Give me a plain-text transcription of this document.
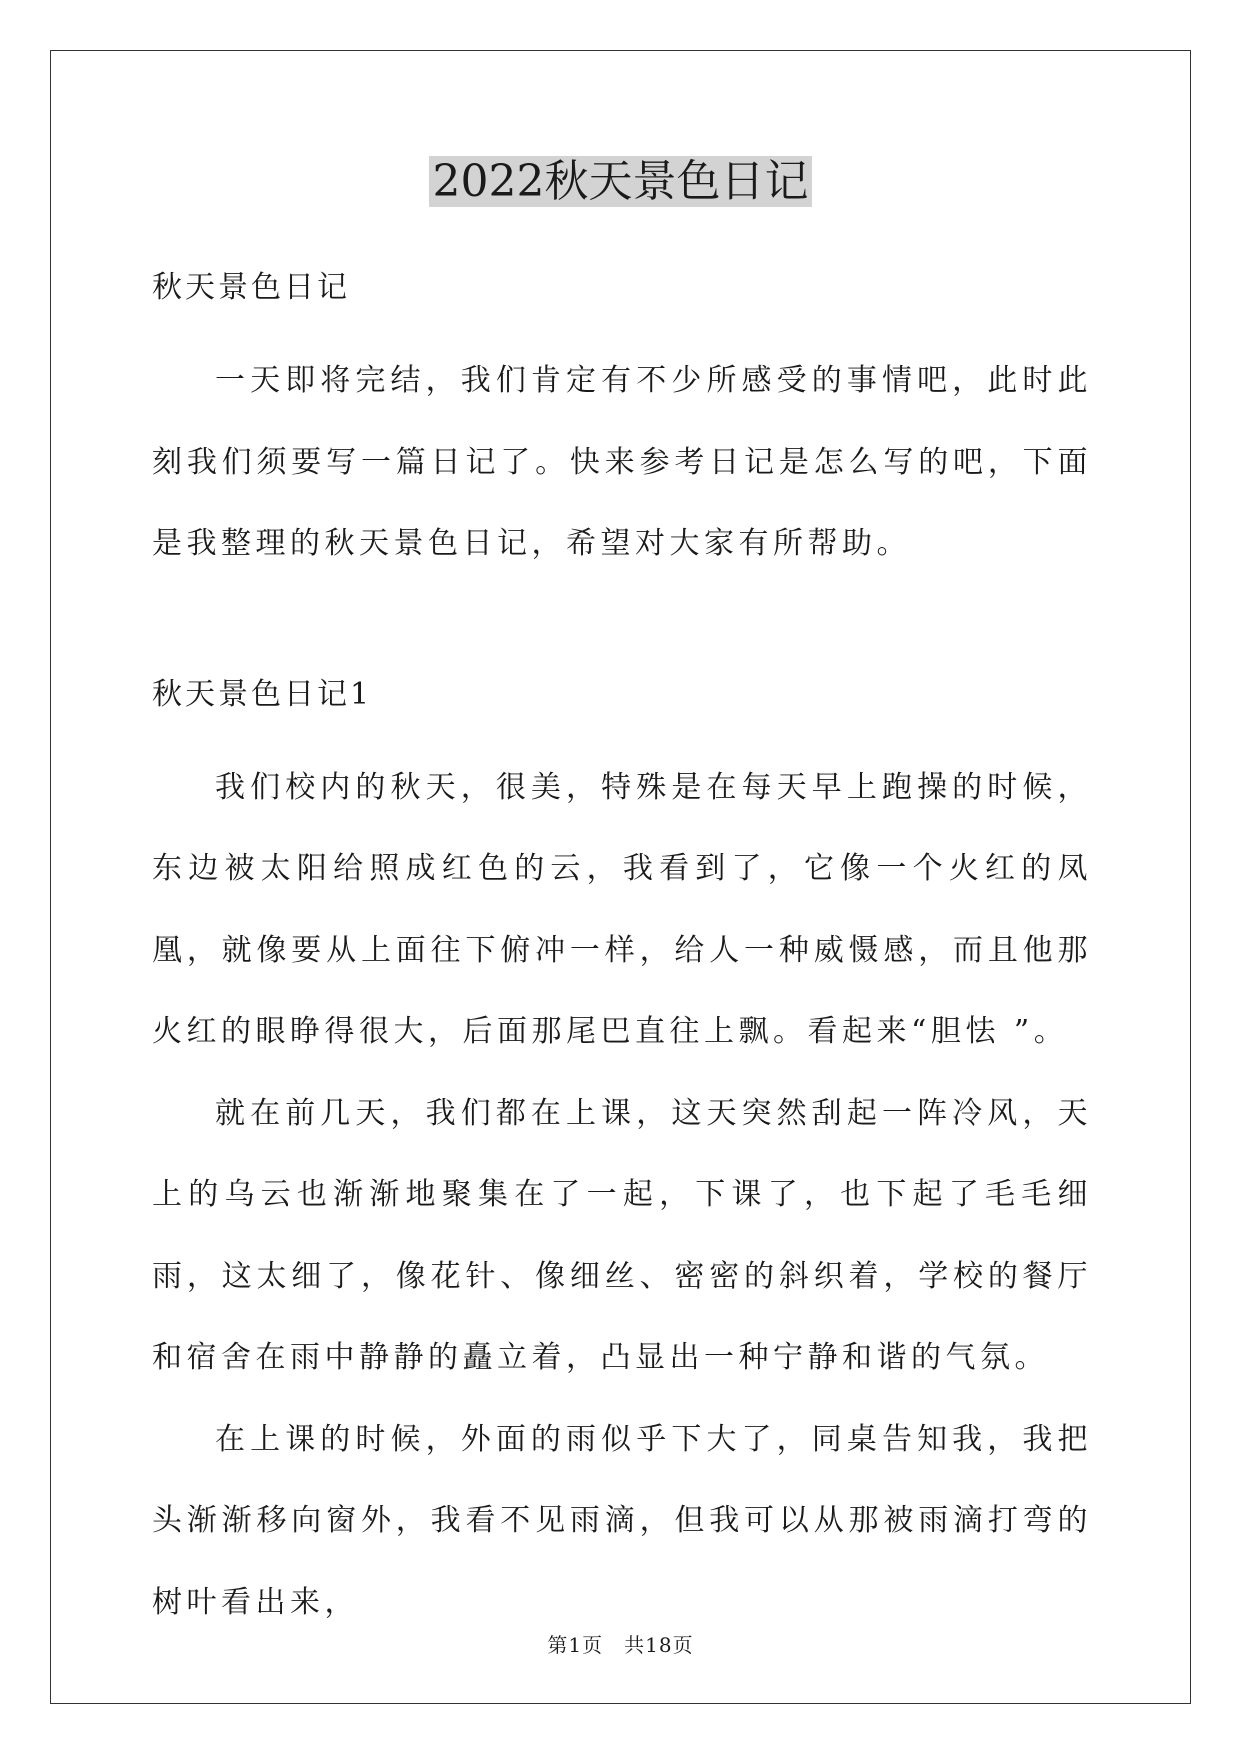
2022秋天景色日记

秋天景色日记

一天即将完结，我们肯定有不少所感受的事情吧，此时此刻我们须要写一篇日记了。快来参考日记是怎么写的吧，下面是我整理的秋天景色日记，希望对大家有所帮助。

秋天景色日记1

我们校内的秋天，很美，特殊是在每天早上跑操的时候，东边被太阳给照成红色的云，我看到了，它像一个火红的凤凰，就像要从上面往下俯冲一样，给人一种威慑感，而且他那火红的眼睁得很大，后面那尾巴直往上飘。看起来“胆怯 ”。

就在前几天，我们都在上课，这天突然刮起一阵冷风，天上的乌云也渐渐地聚集在了一起，下课了，也下起了毛毛细雨，这太细了，像花针、像细丝、密密的斜织着，学校的餐厅和宿舍在雨中静静的矗立着，凸显出一种宁静和谐的气氛。

在上课的时候，外面的雨似乎下大了，同桌告知我，我把头渐渐移向窗外，我看不见雨滴，但我可以从那被雨滴打弯的树叶看出来，

第1页　共18页
